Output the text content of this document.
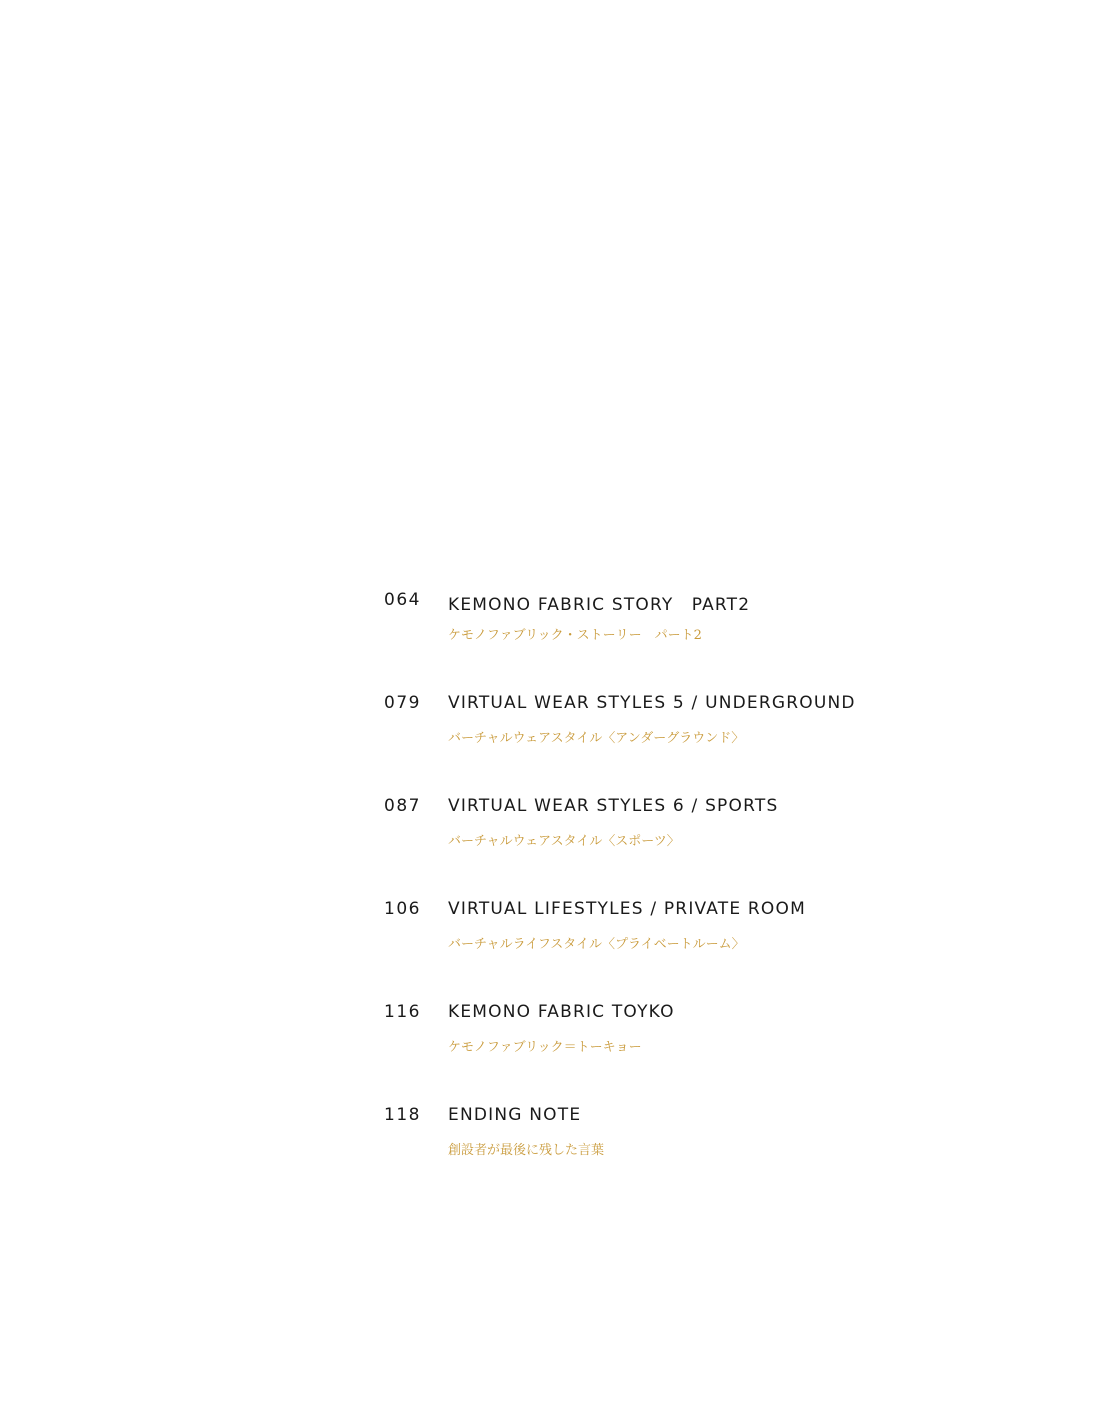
064 KEMONO FABRIC STORY　PART2
ケモノファブリック・ストーリー　パート2
079 VIRTUAL WEAR STYLES 5 / UNDERGROUND
バーチャルウェアスタイル〈アンダーグラウンド〉
087 VIRTUAL WEAR STYLES 6 / SPORTS
バーチャルウェアスタイル〈スポーツ〉
106 VIRTUAL LIFESTYLES / PRIVATE ROOM
バーチャルライフスタイル〈プライベートルーム〉
116 KEMONO FABRIC TOYKO
ケモノファブリック＝トーキョー
118 ENDING NOTE
創設者が最後に残した言葉
